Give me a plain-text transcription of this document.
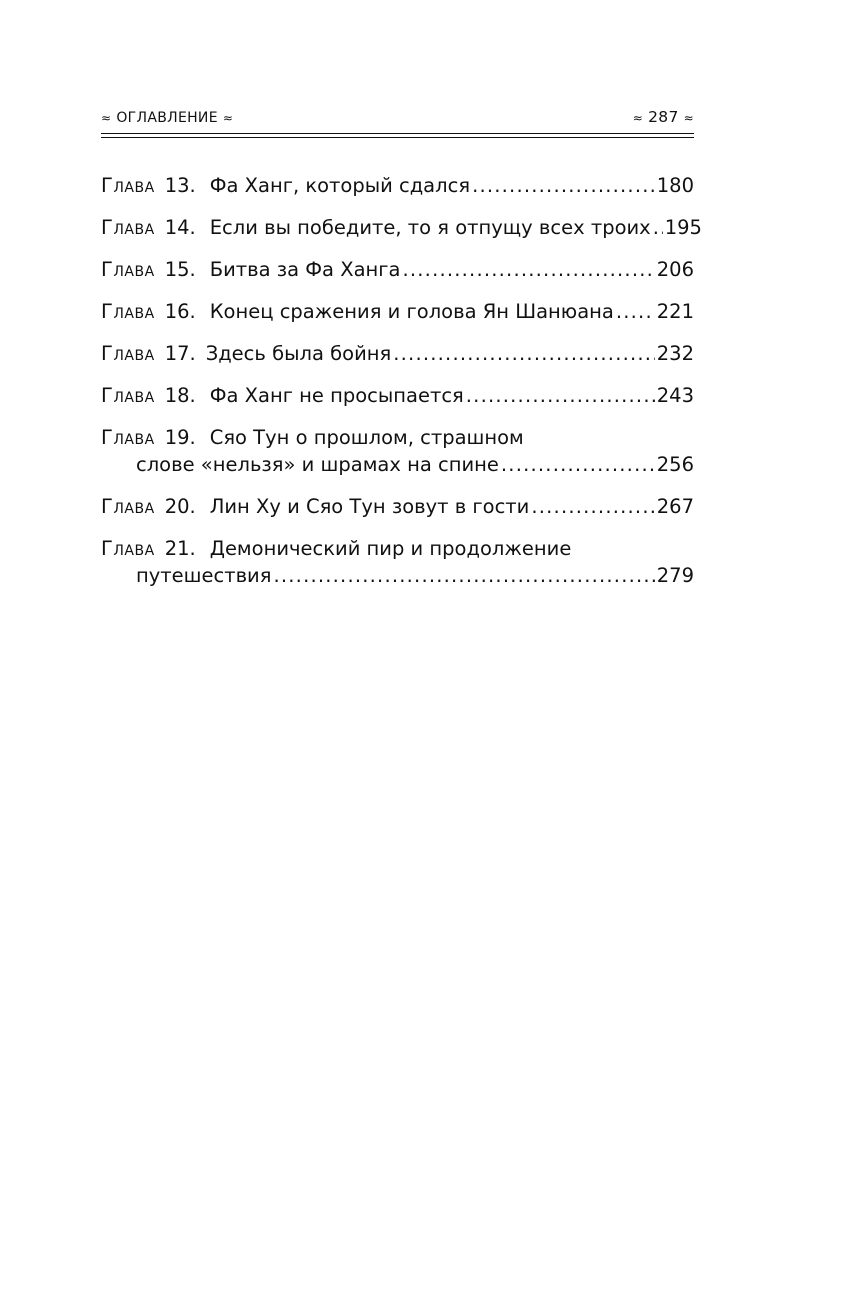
≈ ОГЛАВЛЕНИЕ ≈	≈ 287 ≈
Глава 13. Фа Ханг, который сдался .....	180
Глава 14. Если вы победите, то я отпущу всех троих ..... 195
Глава 15. Битва за Фа Ханга .....	206
Глава 16. Конец сражения и голова Ян Шанюана ..... 221
Глава 17. Здесь была бойня .....	232
Глава 18. Фа Ханг не просыпается .....	243
Глава 19. Сяо Тун о прошлом, страшном
слове «нельзя» и шрамах на спине .....	256
Глава 20. Лин Ху и Сяо Тун зовут в гости .....	267
Глава 21. Демонический пир и продолжение
путешествия .....	279
